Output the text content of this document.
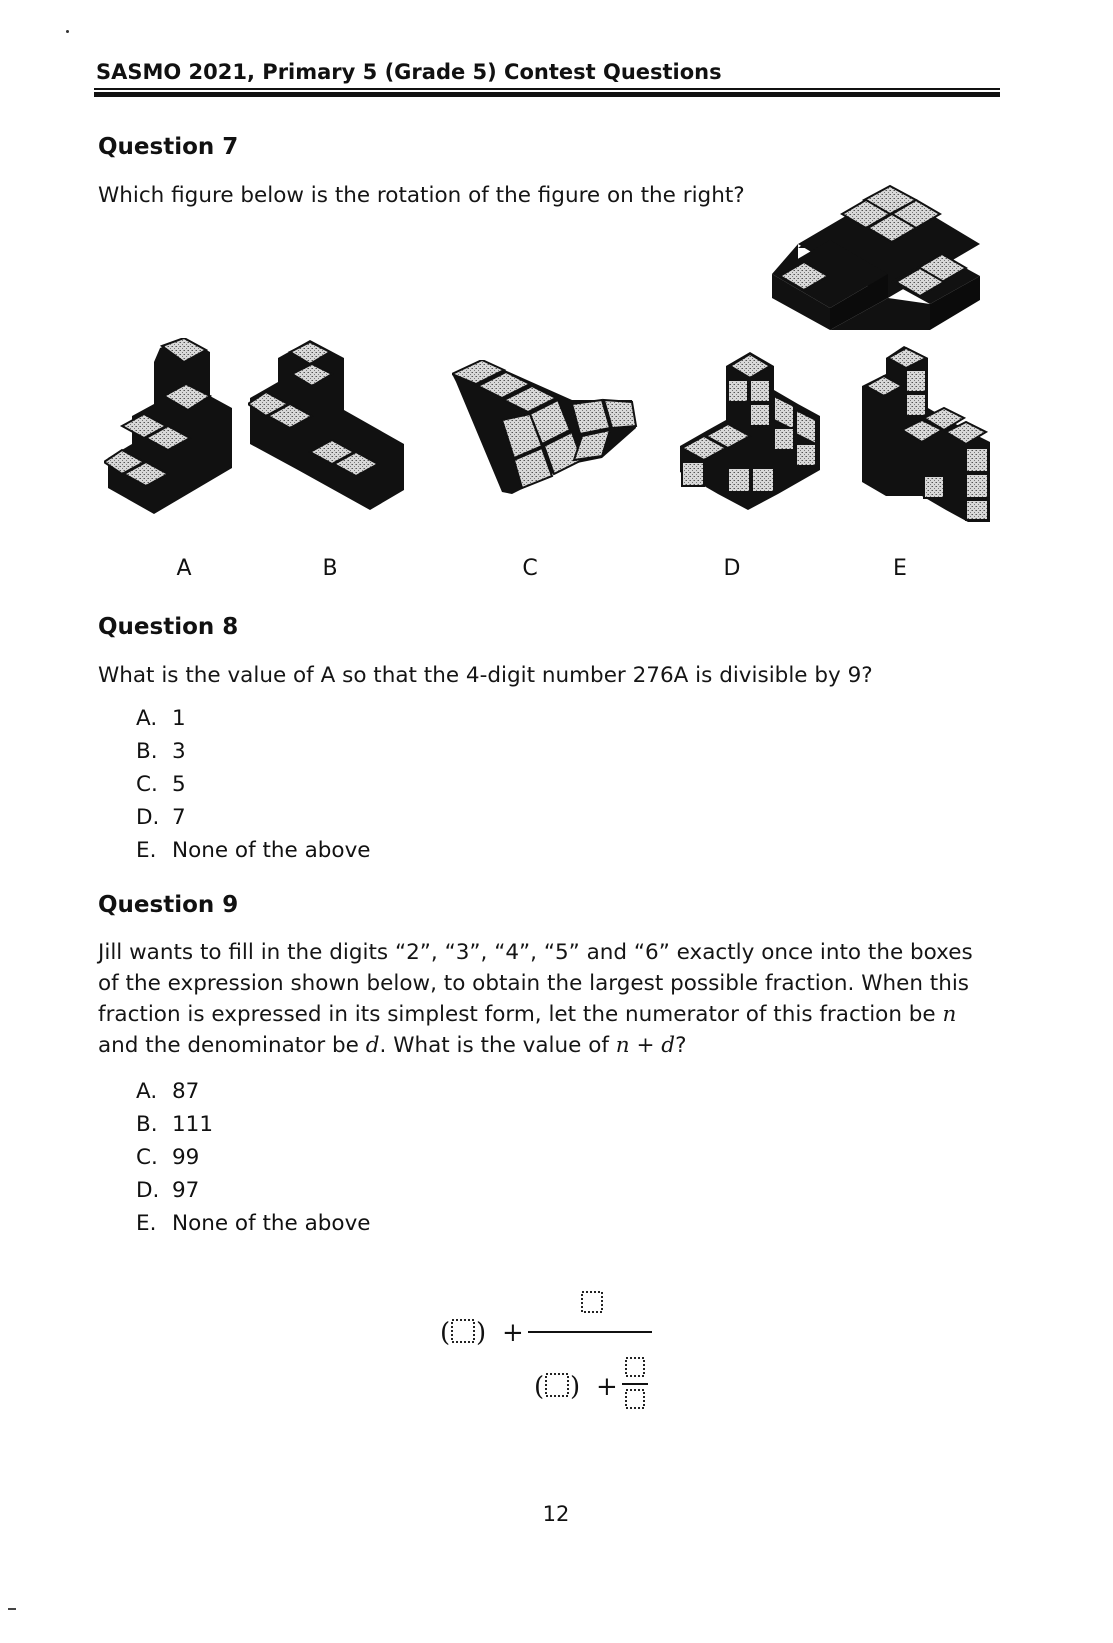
SASMO 2021, Primary 5 (Grade 5) Contest Questions
Question 7
Which figure below is the rotation of the figure on the right?
A	B	C	D	E
Question 8
What is the value of A so that the 4-digit number 276A is divisible by 9?
A. 1
B. 3
C. 5
D. 7
E. None of the above
Question 9
Jill wants to fill in the digits “2”, “3”, “4”, “5” and “6” exactly once into the boxes of the expression shown below, to obtain the largest possible fraction. When this fraction is expressed in its simplest form, let the numerator of this fraction be n and the denominator be d. What is the value of n + d?
A. 87
B. 111
C. 99
D. 97
E. None of the above
( ) +
( ) +
12
